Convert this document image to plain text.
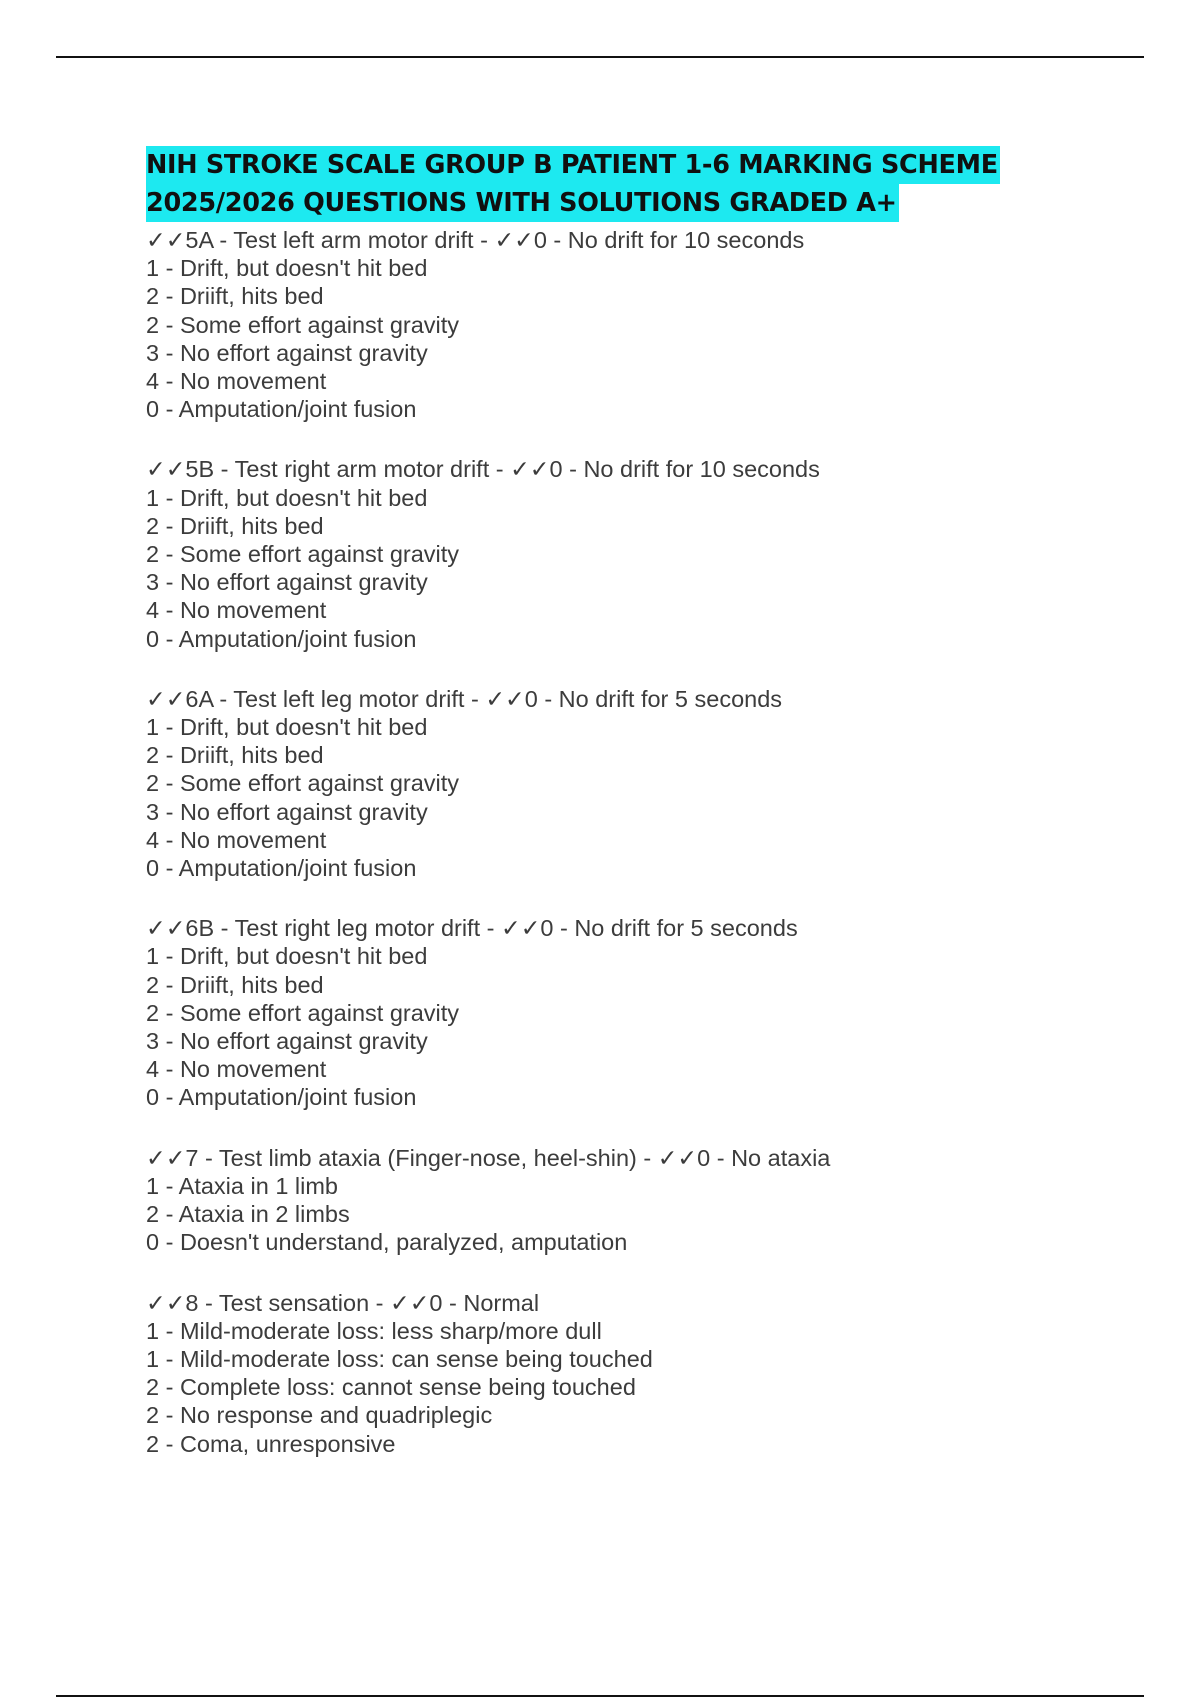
NIH STROKE SCALE GROUP B PATIENT 1-6 MARKING SCHEME
2025/2026 QUESTIONS WITH SOLUTIONS GRADED A+
✓✓5A - Test left arm motor drift - ✓✓0 - No drift for 10 seconds
1 - Drift, but doesn't hit bed
2 - Driift, hits bed
2 - Some effort against gravity
3 - No effort against gravity
4 - No movement
0 - Amputation/joint fusion
✓✓5B - Test right arm motor drift - ✓✓0 - No drift for 10 seconds
1 - Drift, but doesn't hit bed
2 - Driift, hits bed
2 - Some effort against gravity
3 - No effort against gravity
4 - No movement
0 - Amputation/joint fusion
✓✓6A - Test left leg motor drift - ✓✓0 - No drift for 5 seconds
1 - Drift, but doesn't hit bed
2 - Driift, hits bed
2 - Some effort against gravity
3 - No effort against gravity
4 - No movement
0 - Amputation/joint fusion
✓✓6B - Test right leg motor drift - ✓✓0 - No drift for 5 seconds
1 - Drift, but doesn't hit bed
2 - Driift, hits bed
2 - Some effort against gravity
3 - No effort against gravity
4 - No movement
0 - Amputation/joint fusion
✓✓7 - Test limb ataxia (Finger-nose, heel-shin) - ✓✓0 - No ataxia
1 - Ataxia in 1 limb
2 - Ataxia in 2 limbs
0 - Doesn't understand, paralyzed, amputation
✓✓8 - Test sensation - ✓✓0 - Normal
1 - Mild-moderate loss: less sharp/more dull
1 - Mild-moderate loss: can sense being touched
2 - Complete loss: cannot sense being touched
2 - No response and quadriplegic
2 - Coma, unresponsive
